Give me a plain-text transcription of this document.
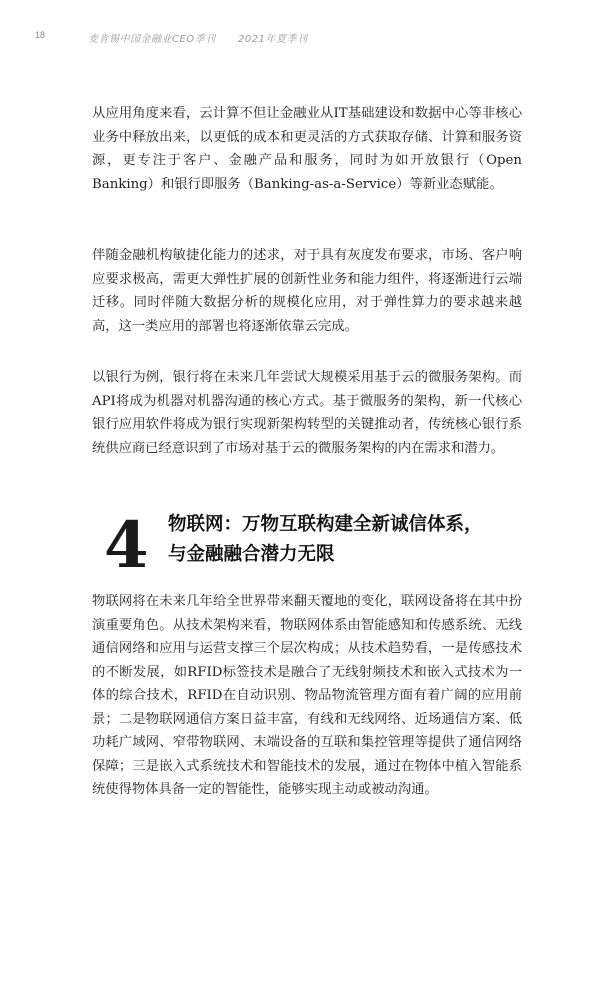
18	麦肯锡中国金融业CEO季刊 2021年夏季刊

从应用角度来看，云计算不但让金融业从IT基础建设和数据中心等非核心业务中释放出来，以更低的成本和更灵活的方式获取存储、计算和服务资源，更专注于客户、金融产品和服务，同时为如开放银行（Open Banking）和银行即服务（Banking-as-a-Service）等新业态赋能。

伴随金融机构敏捷化能力的述求，对于具有灰度发布要求，市场、客户响应要求极高，需更大弹性扩展的创新性业务和能力组件，将逐渐进行云端迁移。同时伴随大数据分析的规模化应用，对于弹性算力的要求越来越高，这一类应用的部署也将逐渐依靠云完成。

以银行为例，银行将在未来几年尝试大规模采用基于云的微服务架构。而API将成为机器对机器沟通的核心方式。基于微服务的架构，新一代核心银行应用软件将成为银行实现新架构转型的关键推动者，传统核心银行系统供应商已经意识到了市场对基于云的微服务架构的内在需求和潜力。

4 物联网：万物互联构建全新诚信体系，
与金融融合潜力无限

物联网将在未来几年给全世界带来翻天覆地的变化，联网设备将在其中扮演重要角色。从技术架构来看，物联网体系由智能感知和传感系统、无线通信网络和应用与运营支撑三个层次构成；从技术趋势看，一是传感技术的不断发展，如RFID标签技术是融合了无线射频技术和嵌入式技术为一体的综合技术，RFID在自动识别、物品物流管理方面有着广阔的应用前景；二是物联网通信方案日益丰富，有线和无线网络、近场通信方案、低功耗广域网、窄带物联网、末端设备的互联和集控管理等提供了通信网络保障；三是嵌入式系统技术和智能技术的发展，通过在物体中植入智能系统使得物体具备一定的智能性，能够实现主动或被动沟通。
